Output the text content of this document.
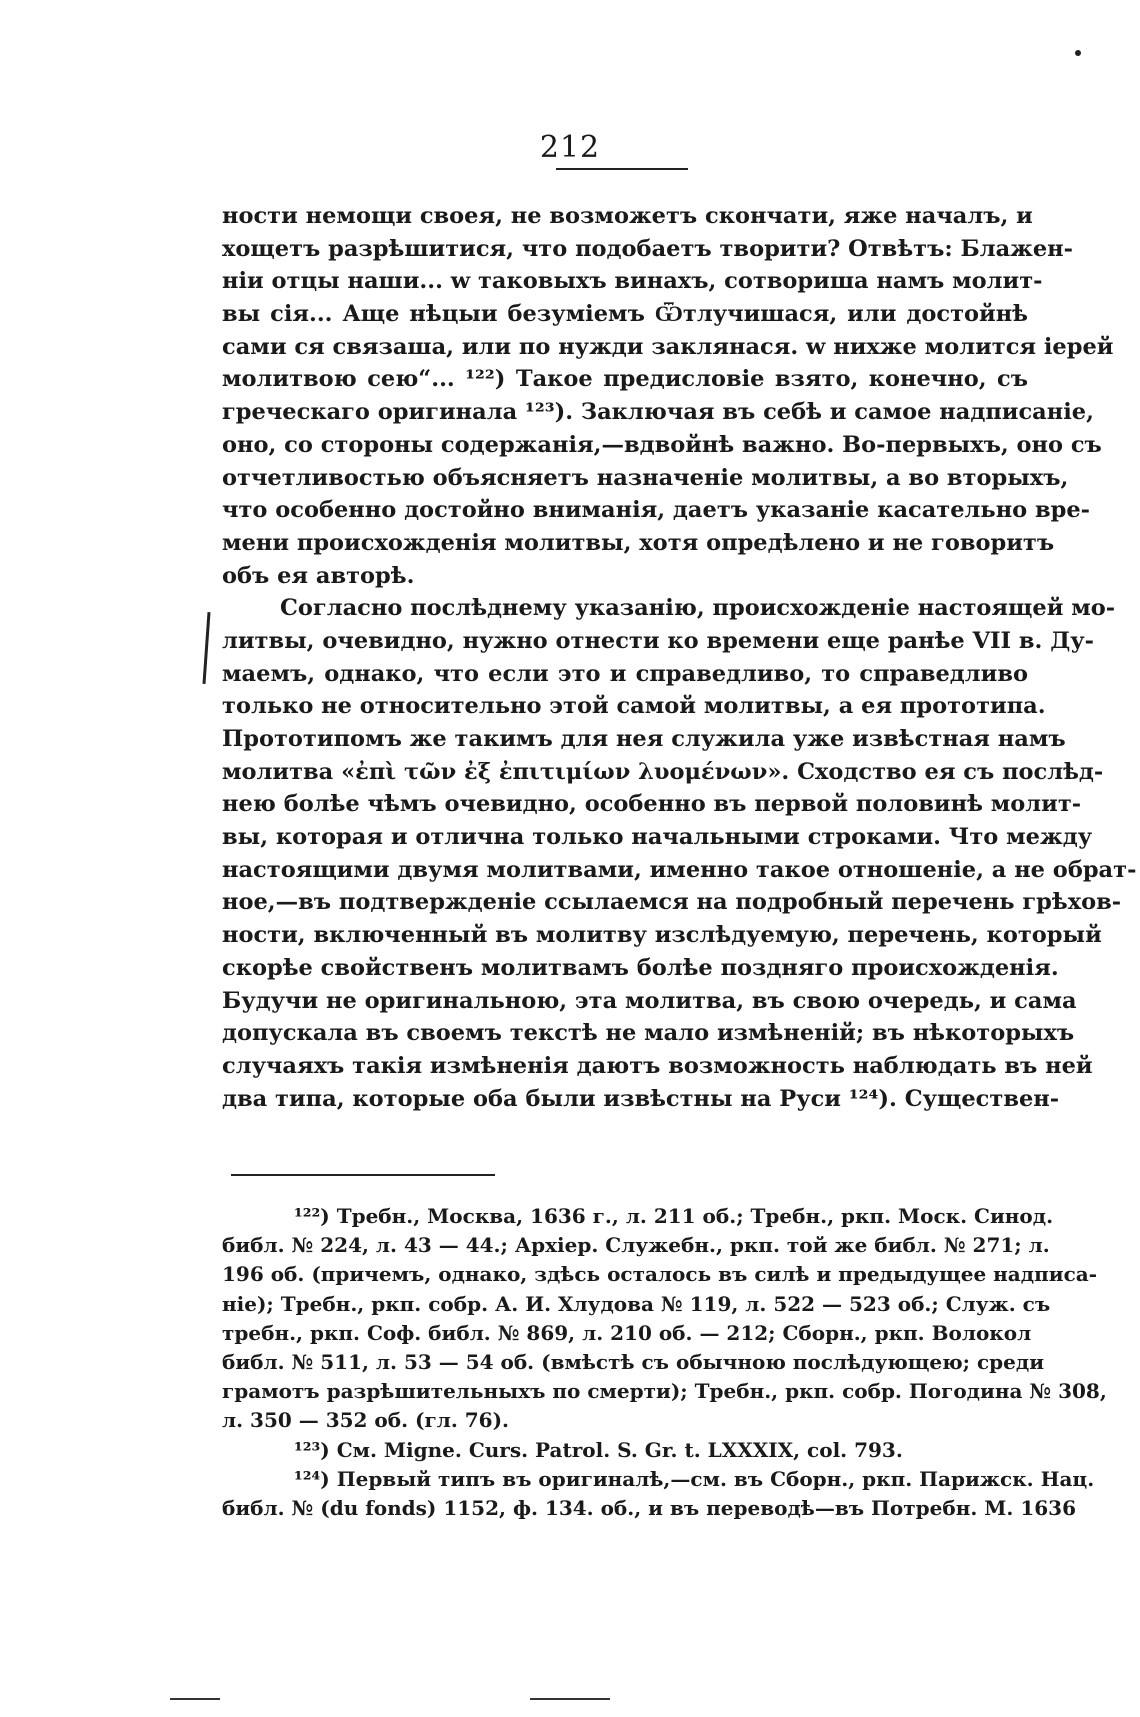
212
ности немощи своея, не возможетъ скончати, яже началъ, и
хощетъ разрѣшитися, что подобаетъ творити? Отвѣтъ: Блажен-
ніи отцы наши... w таковыхъ винахъ, сотвориша намъ молит-
вы сія... Аще нѣцыи безуміемъ Ѿтлучишася, или достойнѣ
сами ся связаша, или по нужди заклянася. w нихже молится іерей
молитвою сею“... ¹²²) Такое предисловіе взято, конечно, съ
греческаго оригинала ¹²³). Заключая въ себѣ и самое надписаніе,
оно, со стороны содержанія,—вдвойнѣ важно. Во-первыхъ, оно съ
отчетливостью объясняетъ назначеніе молитвы, а во вторыхъ,
что особенно достойно вниманія, даетъ указаніе касательно вре-
мени происхожденія молитвы, хотя опредѣлено и не говоритъ
объ ея авторѣ.
Согласно послѣднему указанію, происхожденіе настоящей мо-
литвы, очевидно, нужно отнести ко времени еще ранѣе VII в. Ду-
маемъ, однако, что если это и справедливо, то справедливо
только не относительно этой самой молитвы, а ея прототипа.
Прототипомъ же такимъ для нея служила уже извѣстная намъ
молитва «ἐπὶ τῶν ἐξ ἐπιτιμίων λυομένων». Сходство ея съ послѣд-
нею болѣе чѣмъ очевидно, особенно въ первой половинѣ молит-
вы, которая и отлична только начальными строками. Что между
настоящими двумя молитвами, именно такое отношеніе, а не обрат-
ное,—въ подтвержденіе ссылаемся на подробный перечень грѣхов-
ности, включенный въ молитву изслѣдуемую, перечень, который
скорѣе свойственъ молитвамъ болѣе поздняго происхожденія.
Будучи не оригинальною, эта молитва, въ свою очередь, и сама
допускала въ своемъ текстѣ не мало измѣненій; въ нѣкоторыхъ
случаяхъ такія измѣненія даютъ возможность наблюдать въ ней
два типа, которые оба были извѣстны на Руси ¹²⁴). Существен-
¹²²) Требн., Москва, 1636 г., л. 211 об.; Требн., ркп. Моск. Синод.
библ. № 224, л. 43 — 44.; Архіер. Служебн., ркп. той же библ. № 271; л.
196 об. (причемъ, однако, здѣсь осталось въ силѣ и предыдущее надписа-
ніе); Требн., ркп. собр. А. И. Хлудова № 119, л. 522 — 523 об.; Служ. съ
требн., ркп. Соф. библ. № 869, л. 210 об. — 212; Сборн., ркп. Волокол
библ. № 511, л. 53 — 54 об. (вмѣстѣ съ обычною послѣдующею; среди
грамотъ разрѣшительныхъ по смерти); Требн., ркп. собр. Погодина № 308,
л. 350 — 352 об. (гл. 76).
¹²³) См. Migne. Curs. Patrol. S. Gr. t. LXXXIX, col. 793.
¹²⁴) Первый типъ въ оригиналѣ,—см. въ Сборн., ркп. Парижск. Нац.
библ. № (du fonds) 1152, ф. 134. об., и въ переводѣ—въ Потребн. М. 1636
